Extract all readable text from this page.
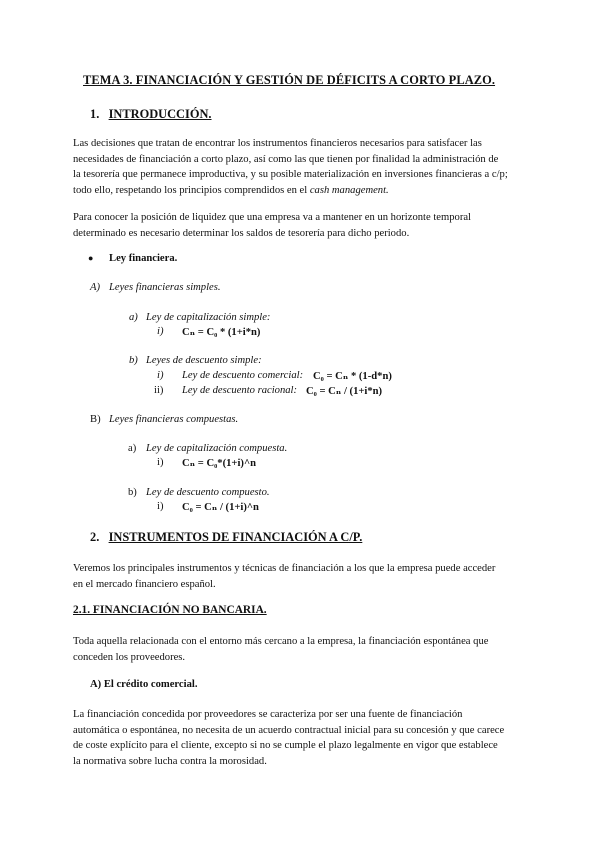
TEMA 3. FINANCIACIÓN Y GESTIÓN DE DÉFICITS A CORTO PLAZO.
1. INTRODUCCIÓN.
Las decisiones que tratan de encontrar los instrumentos financieros necesarios para satisfacer las
necesidades de financiación a corto plazo, así como las que tienen por finalidad la administración de
la tesorería que permanece improductiva, y su posible materialización en inversiones financieras a c/p;
todo ello, respetando los principios comprendidos en el cash management.
Para conocer la posición de liquidez que una empresa va a mantener en un horizonte temporal
determinado es necesario determinar los saldos de tesorería para dicho periodo.
● Ley financiera.
A) Leyes financieras simples.
a) Ley de capitalización simple:
i) Cₙ = C₀ * (1+i*n)
b) Leyes de descuento simple:
i) Ley de descuento comercial: C₀ = Cₙ * (1-d*n)
ii) Ley de descuento racional: C₀ = Cₙ / (1+i*n)
B) Leyes financieras compuestas.
a) Ley de capitalización compuesta.
i) Cₙ = C₀*(1+i)^n
b) Ley de descuento compuesto.
i) C₀ = Cₙ / (1+i)^n
2. INSTRUMENTOS DE FINANCIACIÓN A C/P.
Veremos los principales instrumentos y técnicas de financiación a los que la empresa puede acceder
en el mercado financiero español.
2.1. FINANCIACIÓN NO BANCARIA.
Toda aquella relacionada con el entorno más cercano a la empresa, la financiación espontánea que
conceden los proveedores.
A) El crédito comercial.
La financiación concedida por proveedores se caracteriza por ser una fuente de financiación
automática o espontánea, no necesita de un acuerdo contractual inicial para su concesión y que carece
de coste explícito para el cliente, excepto si no se cumple el plazo legalmente en vigor que establece
la normativa sobre lucha contra la morosidad.
